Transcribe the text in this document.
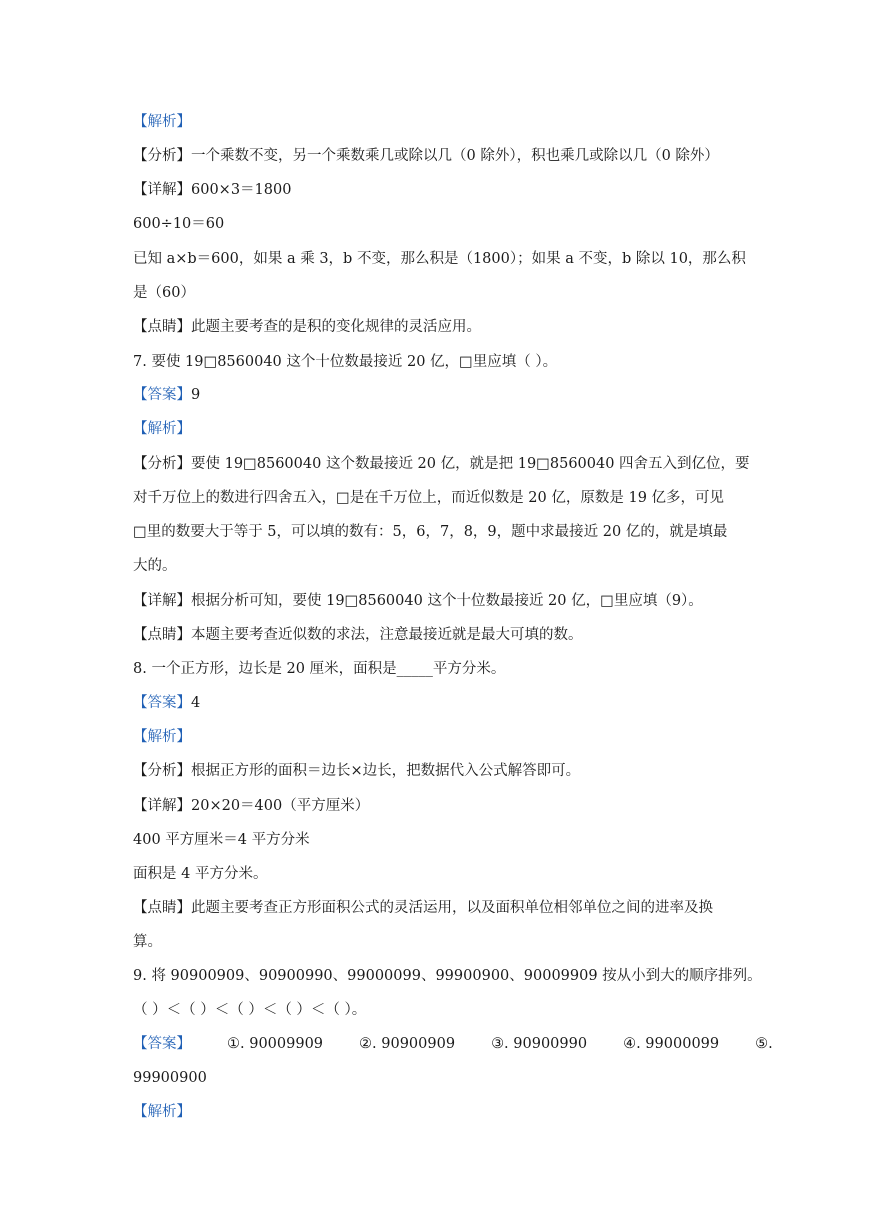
【解析】
【分析】一个乘数不变，另一个乘数乘几或除以几（0 除外），积也乘几或除以几（0 除外）
【详解】600×3＝1800
600÷10＝60
已知 a×b＝600，如果 a 乘 3，b 不变，那么积是（1800）；如果 a 不变，b 除以 10，那么积
是（60）
【点睛】此题主要考查的是积的变化规律的灵活应用。
7. 要使 19□8560040 这个十位数最接近 20 亿，□里应填（ ）。
【答案】9
【解析】
【分析】要使 19□8560040 这个数最接近 20 亿，就是把 19□8560040 四舍五入到亿位，要
对千万位上的数进行四舍五入，□是在千万位上，而近似数是 20 亿，原数是 19 亿多，可见
□里的数要大于等于 5，可以填的数有：5，6，7，8，9，题中求最接近 20 亿的，就是填最
大的。
【详解】根据分析可知，要使 19□8560040 这个十位数最接近 20 亿，□里应填（9）。
【点睛】本题主要考查近似数的求法，注意最接近就是最大可填的数。
8. 一个正方形，边长是 20 厘米，面积是_____平方分米。
【答案】4
【解析】
【分析】根据正方形的面积＝边长×边长，把数据代入公式解答即可。
【详解】20×20＝400（平方厘米）
400 平方厘米＝4 平方分米
面积是 4 平方分米。
【点睛】此题主要考查正方形面积公式的灵活运用，以及面积单位相邻单位之间的进率及换
算。
9. 将 90900909、90900990、99000099、99900900、90009909 按从小到大的顺序排列。
（ ）＜（ ）＜（ ）＜（ ）＜（ ）。
【答案】 ①. 90009909 ②. 90900909 ③. 90900990 ④. 99000099 ⑤.
99900900
【解析】
